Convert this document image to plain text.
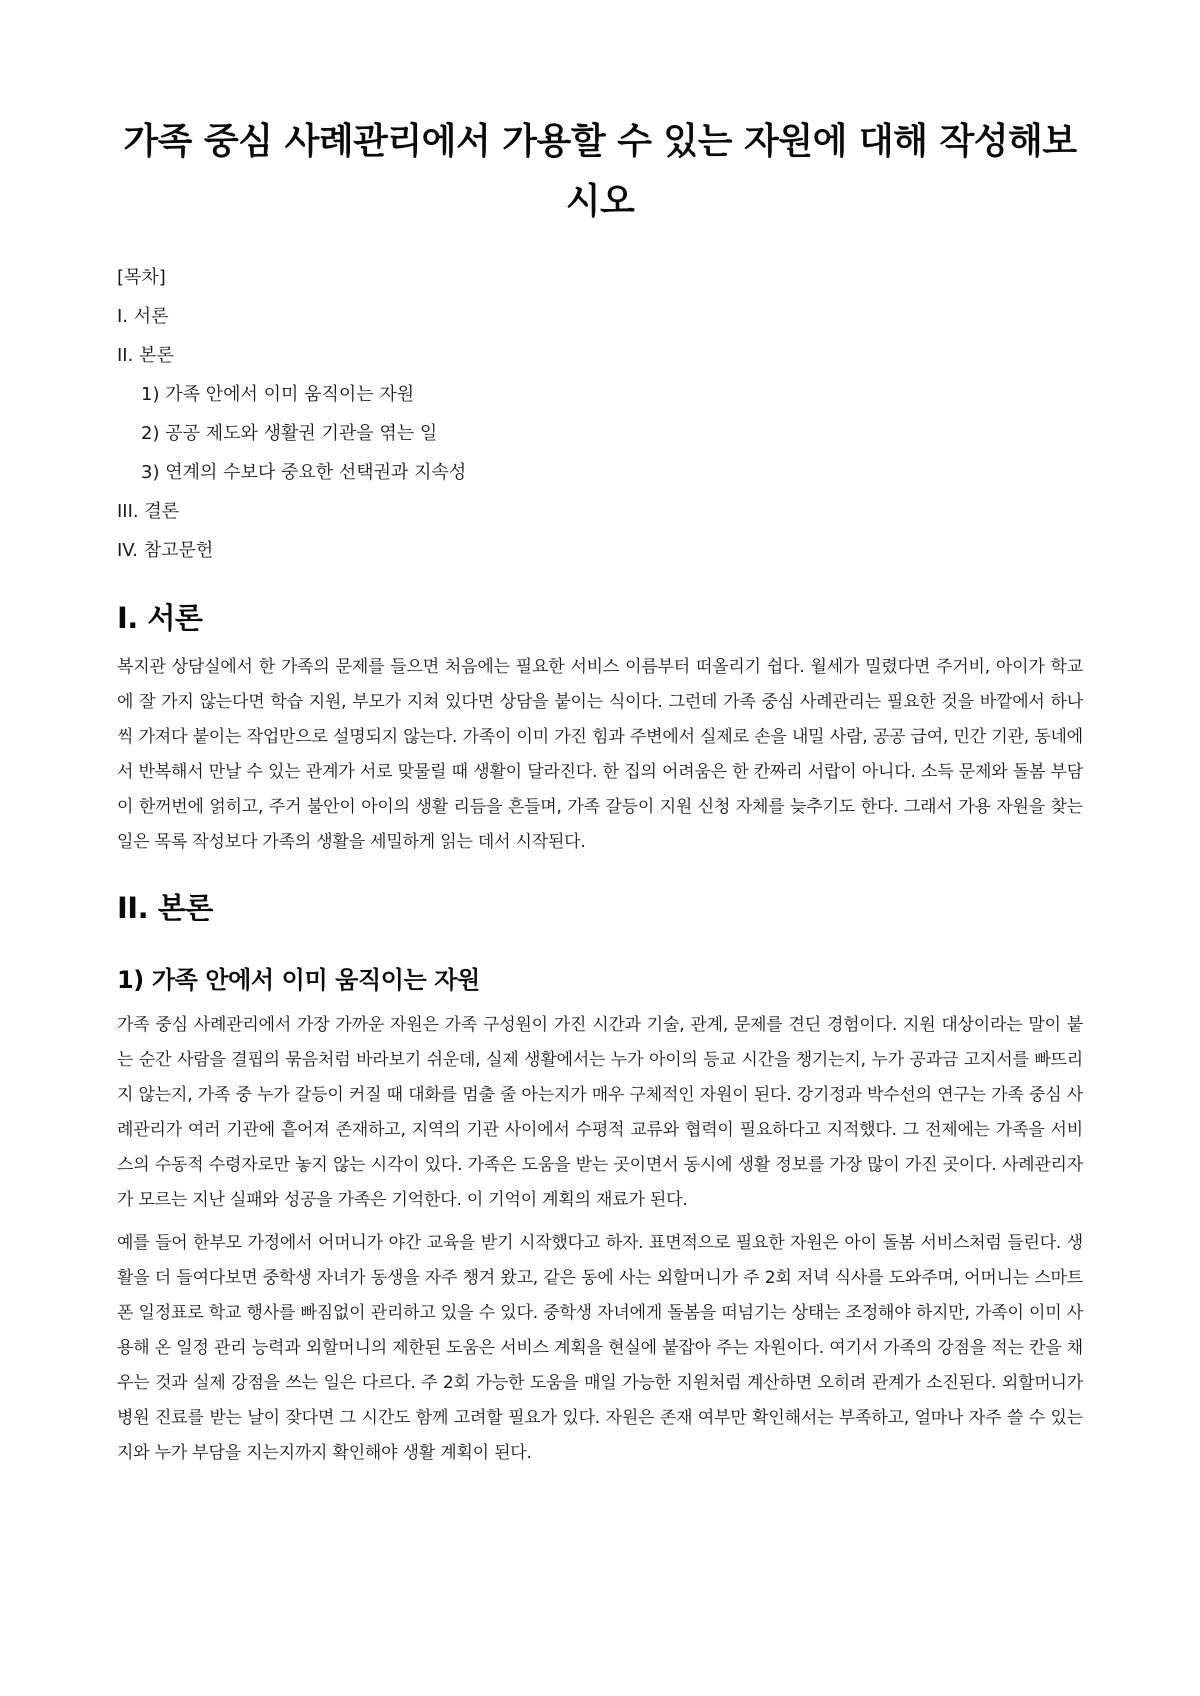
가족 중심 사례관리에서 가용할 수 있는 자원에 대해 작성해보시오
[목차]
I. 서론
II. 본론
1) 가족 안에서 이미 움직이는 자원
2) 공공 제도와 생활권 기관을 엮는 일
3) 연계의 수보다 중요한 선택권과 지속성
III. 결론
IV. 참고문헌
I. 서론

복지관 상담실에서 한 가족의 문제를 들으면 처음에는 필요한 서비스 이름부터 떠올리기 쉽다. 월세가 밀렸다면 주거비, 아이가 학교에 잘 가지 않는다면 학습 지원, 부모가 지쳐 있다면 상담을 붙이는 식이다. 그런데 가족 중심 사례관리는 필요한 것을 바깥에서 하나씩 가져다 붙이는 작업만으로 설명되지 않는다. 가족이 이미 가진 힘과 주변에서 실제로 손을 내밀 사람, 공공 급여, 민간 기관, 동네에서 반복해서 만날 수 있는 관계가 서로 맞물릴 때 생활이 달라진다. 한 집의 어려움은 한 칸짜리 서랍이 아니다. 소득 문제와 돌봄 부담이 한꺼번에 얽히고, 주거 불안이 아이의 생활 리듬을 흔들며, 가족 갈등이 지원 신청 자체를 늦추기도 한다. 그래서 가용 자원을 찾는 일은 목록 작성보다 가족의 생활을 세밀하게 읽는 데서 시작된다.

II. 본론
1) 가족 안에서 이미 움직이는 자원

가족 중심 사례관리에서 가장 가까운 자원은 가족 구성원이 가진 시간과 기술, 관계, 문제를 견딘 경험이다. 지원 대상이라는 말이 붙는 순간 사람을 결핍의 묶음처럼 바라보기 쉬운데, 실제 생활에서는 누가 아이의 등교 시간을 챙기는지, 누가 공과금 고지서를 빠뜨리지 않는지, 가족 중 누가 갈등이 커질 때 대화를 멈출 줄 아는지가 매우 구체적인 자원이 된다. 강기정과 박수선의 연구는 가족 중심 사례관리가 여러 기관에 흩어져 존재하고, 지역의 기관 사이에서 수평적 교류와 협력이 필요하다고 지적했다. 그 전제에는 가족을 서비스의 수동적 수령자로만 놓지 않는 시각이 있다. 가족은 도움을 받는 곳이면서 동시에 생활 정보를 가장 많이 가진 곳이다. 사례관리자가 모르는 지난 실패와 성공을 가족은 기억한다. 이 기억이 계획의 재료가 된다.

예를 들어 한부모 가정에서 어머니가 야간 교육을 받기 시작했다고 하자. 표면적으로 필요한 자원은 아이 돌봄 서비스처럼 들린다. 생활을 더 들여다보면 중학생 자녀가 동생을 자주 챙겨 왔고, 같은 동에 사는 외할머니가 주 2회 저녁 식사를 도와주며, 어머니는 스마트폰 일정표로 학교 행사를 빠짐없이 관리하고 있을 수 있다. 중학생 자녀에게 돌봄을 떠넘기는 상태는 조정해야 하지만, 가족이 이미 사용해 온 일정 관리 능력과 외할머니의 제한된 도움은 서비스 계획을 현실에 붙잡아 주는 자원이다. 여기서 가족의 강점을 적는 칸을 채우는 것과 실제 강점을 쓰는 일은 다르다. 주 2회 가능한 도움을 매일 가능한 지원처럼 계산하면 오히려 관계가 소진된다. 외할머니가 병원 진료를 받는 날이 잦다면 그 시간도 함께 고려할 필요가 있다. 자원은 존재 여부만 확인해서는 부족하고, 얼마나 자주 쓸 수 있는지와 누가 부담을 지는지까지 확인해야 생활 계획이 된다.
